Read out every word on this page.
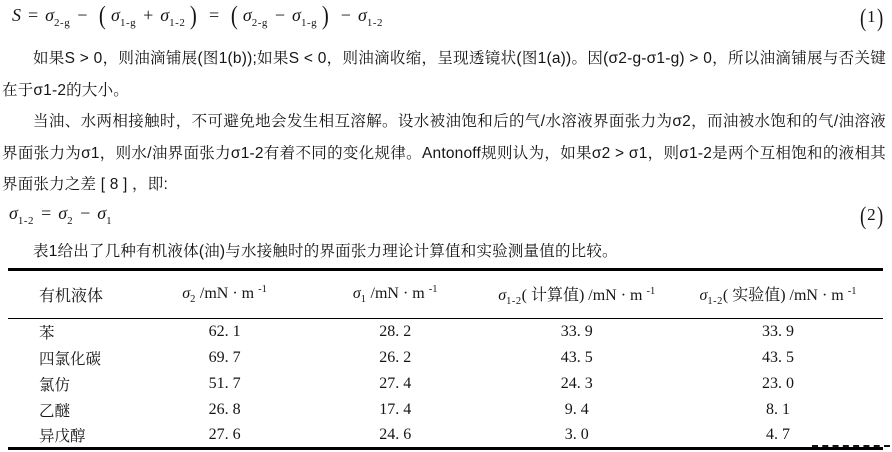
$S = \sigma_{2-g}$ − ( $\sigma_{1-g} + \sigma_{1-2}$ ) = ( $\sigma_{2-g} - \sigma_{1-g}$ ) − $\sigma_{1-2}$	(1)

如果S > 0，则油滴铺展(图1(b));如果S < 0，则油滴收缩，呈现透镜状(图1(a))。因(σ2-g-σ1-g) > 0，所以油滴铺展与否关键在于σ1-2的大小。

当油、水两相接触时，不可避免地会发生相互溶解。设水被油饱和后的气/水溶液界面张力为σ2，而油被水饱和的气/油溶液界面张力为σ1，则水/油界面张力σ1-2有着不同的变化规律。Antonoff规则认为，如果σ2 > σ1，则σ1-2是两个互相饱和的液相其界面张力之差 [ 8 ] ，即:

$\sigma_{1-2} = \sigma_2 - \sigma_1$	(2)

表1给出了几种有机液体(油)与水接触时的界面张力理论计算值和实验测量值的比较。

有机液体	$\sigma_2$ /mN · m $^{-1}$	$\sigma_1$ /mN · m $^{-1}$	$\sigma_{1-2}$( 计算值) /mN · m $^{-1}$	$\sigma_{1-2}$( 实验值) /mN · m $^{-1}$
苯	62. 1	28. 2	33. 9	33. 9
四氯化碳	69. 7	26. 2	43. 5	43. 5
氯仿	51. 7	27. 4	24. 3	23. 0
乙醚	26. 8	17. 4	9. 4	8. 1
异戊醇	27. 6	24. 6	3. 0	4. 7
